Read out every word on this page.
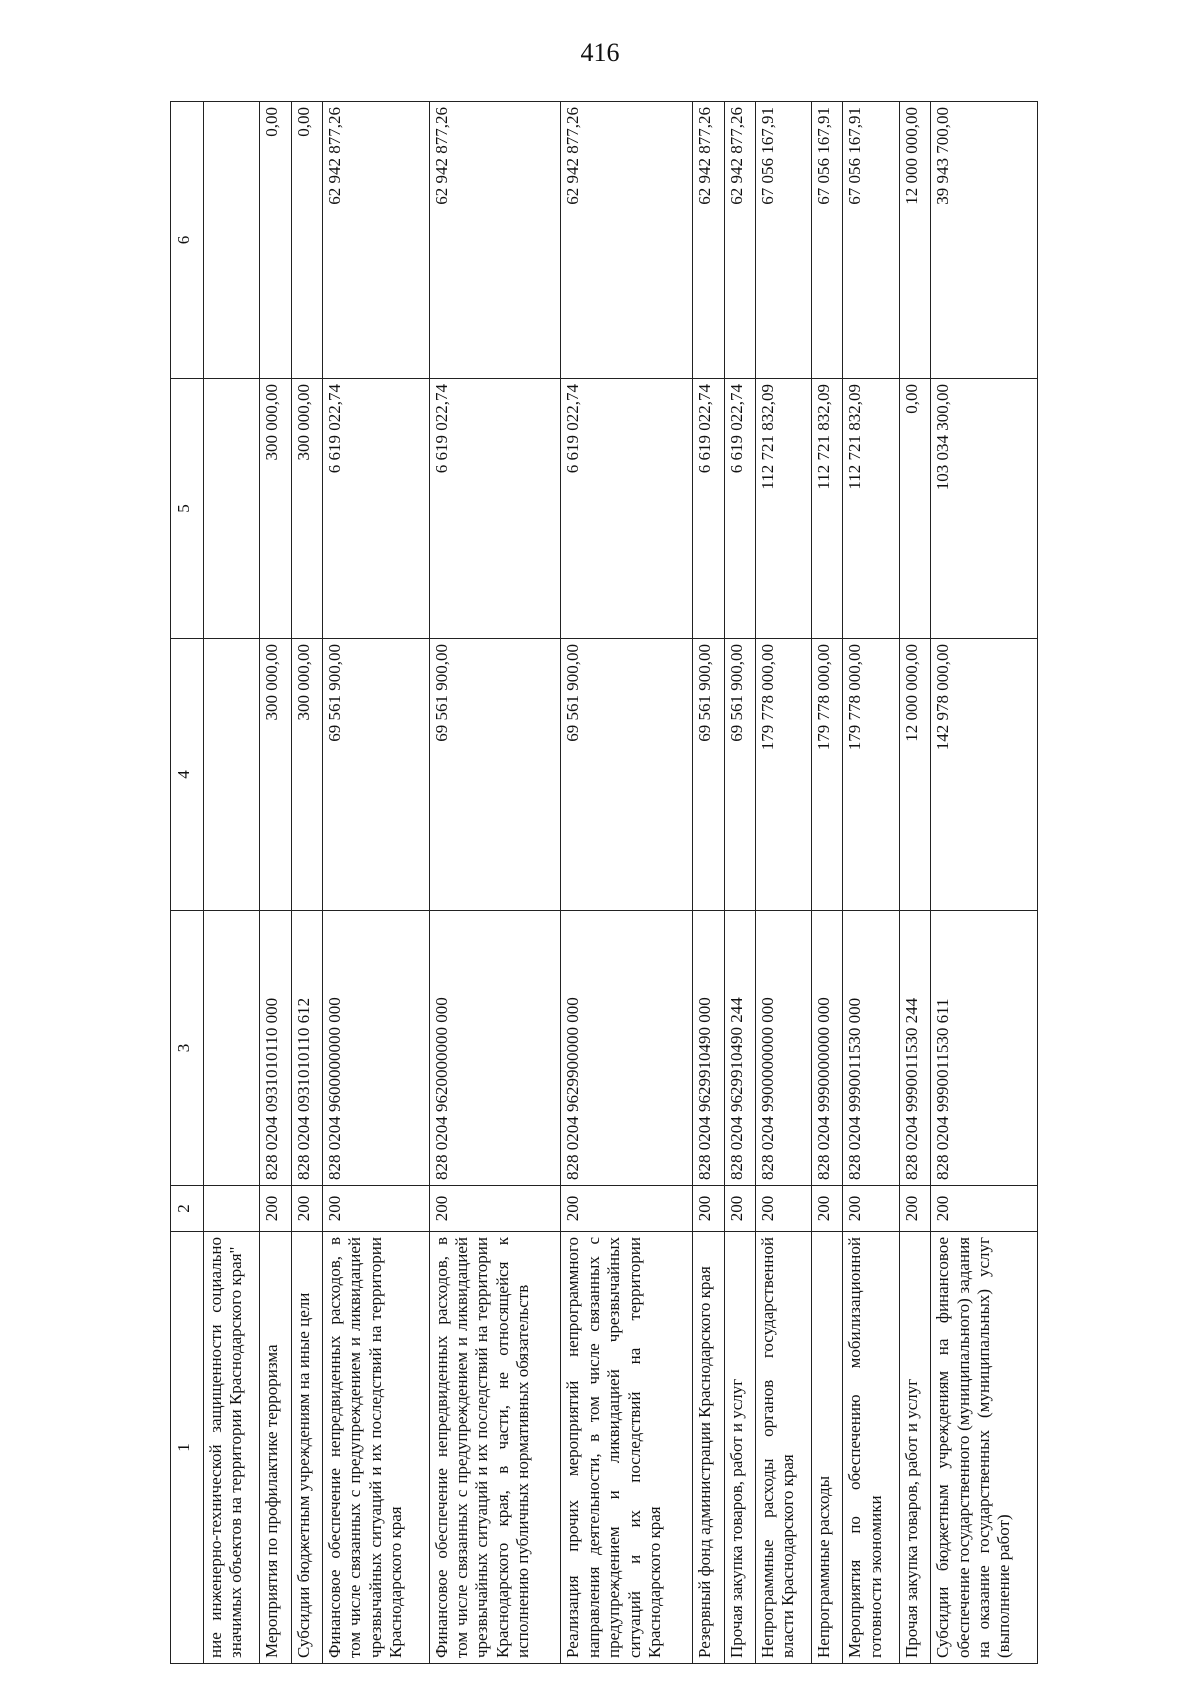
416
1	2	3	4	5	6
ние инженерно-технической защищенности социально значимых объектов на территории Краснодарского края"					
Мероприятия по профилактике терроризма	200	828 0204 0931010110 000	300 000,00	300 000,00	0,00
Субсидии бюджетным учреждениям на иные цели	200	828 0204 0931010110 612	300 000,00	300 000,00	0,00
Финансовое обеспечение непредвиденных расходов, в том числе связанных с предупреждением и ликвидацией чрезвычайных ситуаций и их последствий на территории Краснодарского края	200	828 0204 9600000000 000	69 561 900,00	6 619 022,74	62 942 877,26
Финансовое обеспечение непредвиденных расходов, в том числе связанных с предупреждением и ликвидацией чрезвычайных ситуаций и их последствий на территории Краснодарского края, в части, не относящейся к исполнению публичных нормативных обязательств	200	828 0204 9620000000 000	69 561 900,00	6 619 022,74	62 942 877,26
Реализация прочих мероприятий непрограммного направления деятельности, в том числе связанных с предупреждением и ликвидацией чрезвычайных ситуаций и их последствий на территории Краснодарского края	200	828 0204 9629900000 000	69 561 900,00	6 619 022,74	62 942 877,26
Резервный фонд администрации Краснодарского края	200	828 0204 9629910490 000	69 561 900,00	6 619 022,74	62 942 877,26
Прочая закупка товаров, работ и услуг	200	828 0204 9629910490 244	69 561 900,00	6 619 022,74	62 942 877,26
Непрограммные расходы органов государственной власти Краснодарского края	200	828 0204 9900000000 000	179 778 000,00	112 721 832,09	67 056 167,91
Непрограммные расходы	200	828 0204 9990000000 000	179 778 000,00	112 721 832,09	67 056 167,91
Мероприятия по обеспечению мобилизационной готовности экономики	200	828 0204 9990011530 000	179 778 000,00	112 721 832,09	67 056 167,91
Прочая закупка товаров, работ и услуг	200	828 0204 9990011530 244	12 000 000,00	0,00	12 000 000,00
Субсидии бюджетным учреждениям на финансовое обеспечение государственного (муниципального) задания на оказание государственных (муниципальных) услуг (выполнение работ)	200	828 0204 9990011530 611	142 978 000,00	103 034 300,00	39 943 700,00
